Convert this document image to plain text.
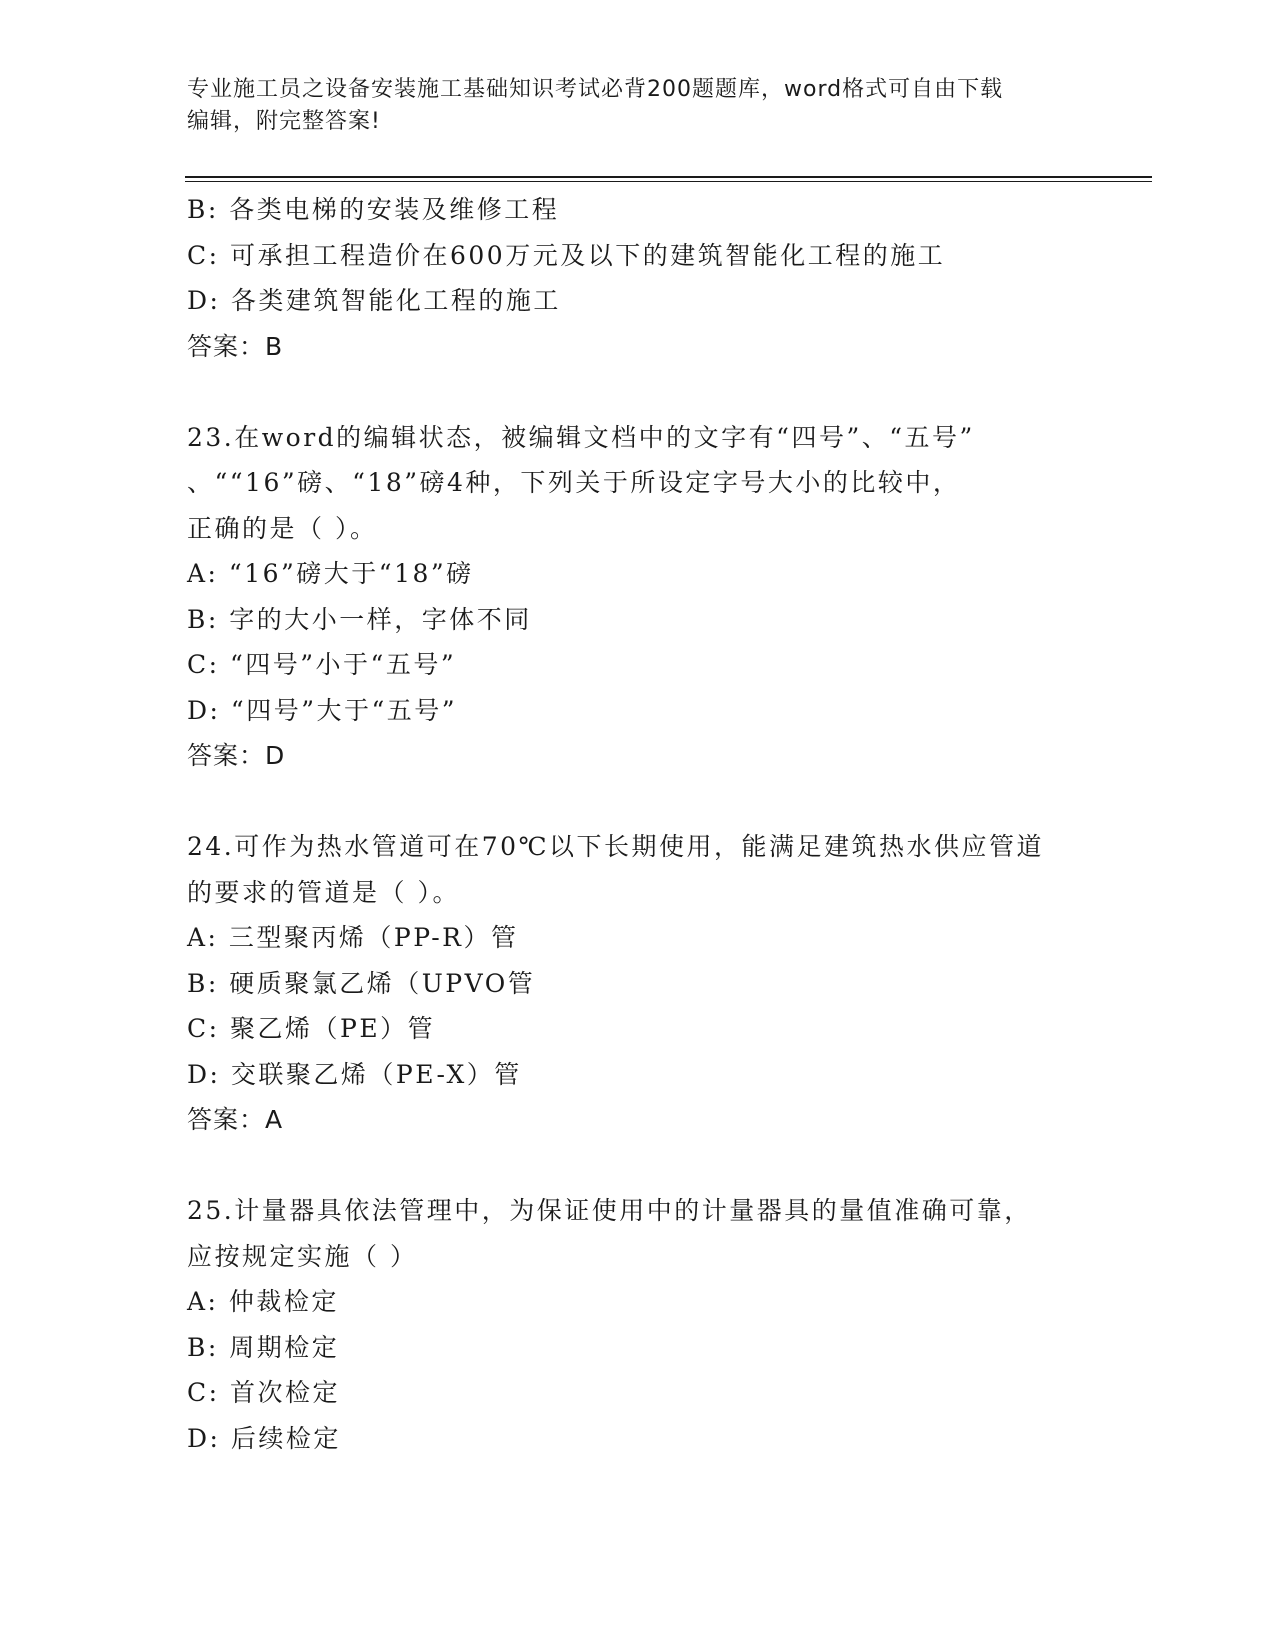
专业施工员之设备安装施工基础知识考试必背200题题库，word格式可自由下载
编辑，附完整答案!
B: 各类电梯的安装及维修工程
C: 可承担工程造价在600万元及以下的建筑智能化工程的施工
D: 各类建筑智能化工程的施工
答案：B
23.在word的编辑状态，被编辑文档中的文字有“四号”、“五号”
、““16”磅、“18”磅4种，下列关于所设定字号大小的比较中，
正确的是（ ）。
A: “16”磅大于“18”磅
B: 字的大小一样，字体不同
C: “四号”小于“五号”
D: “四号”大于“五号”
答案：D
24.可作为热水管道可在70℃以下长期使用，能满足建筑热水供应管道
的要求的管道是（ ）。
A: 三型聚丙烯（PP-R）管
B: 硬质聚氯乙烯（UPVO管
C: 聚乙烯（PE）管
D: 交联聚乙烯（PE-X）管
答案：A
25.计量器具依法管理中，为保证使用中的计量器具的量值准确可靠，
应按规定实施（ ）
A: 仲裁检定
B: 周期检定
C: 首次检定
D: 后续检定
